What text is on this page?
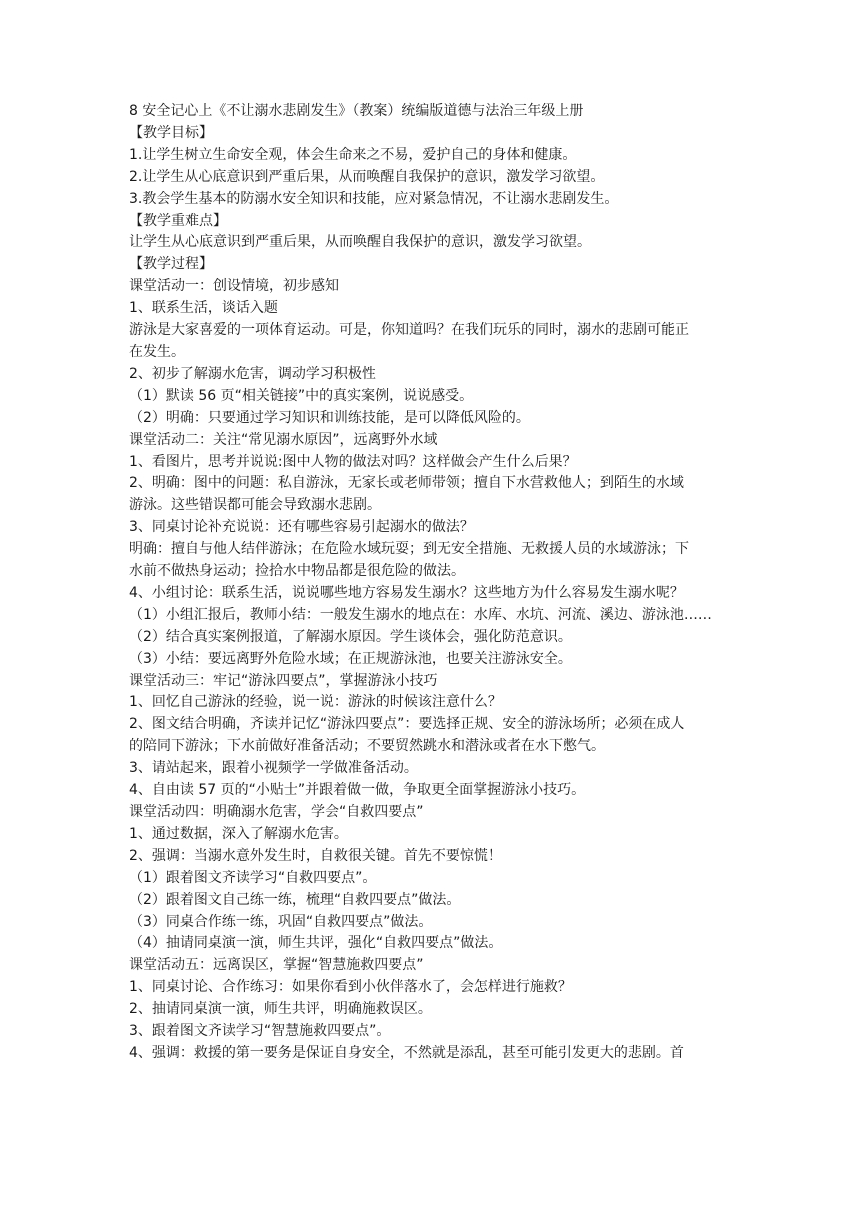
8 安全记心上《不让溺水悲剧发生》（教案）统编版道德与法治三年级上册
【教学目标】
1.让学生树立生命安全观，体会生命来之不易，爱护自己的身体和健康。
2.让学生从心底意识到严重后果，从而唤醒自我保护的意识，激发学习欲望。
3.教会学生基本的防溺水安全知识和技能，应对紧急情况，不让溺水悲剧发生。
【教学重难点】
让学生从心底意识到严重后果，从而唤醒自我保护的意识，激发学习欲望。
【教学过程】
课堂活动一：创设情境，初步感知
1、联系生活，谈话入题
游泳是大家喜爱的一项体育运动。可是，你知道吗？在我们玩乐的同时，溺水的悲剧可能正
在发生。
2、初步了解溺水危害，调动学习积极性
（1）默读 56 页“相关链接”中的真实案例，说说感受。
（2）明确：只要通过学习知识和训练技能，是可以降低风险的。
课堂活动二：关注“常见溺水原因”，远离野外水域
1、看图片，思考并说说:图中人物的做法对吗？这样做会产生什么后果？
2、明确：图中的问题：私自游泳，无家长或老师带领；擅自下水营救他人；到陌生的水域
游泳。这些错误都可能会导致溺水悲剧。
3、同桌讨论补充说说：还有哪些容易引起溺水的做法？
明确：擅自与他人结伴游泳；在危险水域玩耍；到无安全措施、无救援人员的水域游泳；下
水前不做热身运动；捡拾水中物品都是很危险的做法。
4、小组讨论：联系生活，说说哪些地方容易发生溺水？这些地方为什么容易发生溺水呢？
（1）小组汇报后，教师小结：一般发生溺水的地点在：水库、水坑、河流、溪边、游泳池……
（2）结合真实案例报道，了解溺水原因。学生谈体会，强化防范意识。
（3）小结：要远离野外危险水域；在正规游泳池，也要关注游泳安全。
课堂活动三：牢记“游泳四要点”，掌握游泳小技巧
1、回忆自己游泳的经验，说一说：游泳的时候该注意什么？
2、图文结合明确，齐读并记忆“游泳四要点”：要选择正规、安全的游泳场所；必须在成人
的陪同下游泳；下水前做好准备活动；不要贸然跳水和潜泳或者在水下憋气。
3、请站起来，跟着小视频学一学做准备活动。
4、自由读 57 页的“小贴士”并跟着做一做，争取更全面掌握游泳小技巧。
课堂活动四：明确溺水危害，学会“自救四要点”
1、通过数据，深入了解溺水危害。
2、强调：当溺水意外发生时，自救很关键。首先不要惊慌！
（1）跟着图文齐读学习“自救四要点”。
（2）跟着图文自己练一练，梳理“自救四要点”做法。
（3）同桌合作练一练，巩固“自救四要点”做法。
（4）抽请同桌演一演，师生共评，强化“自救四要点”做法。
课堂活动五：远离误区，掌握“智慧施救四要点”
1、同桌讨论、合作练习：如果你看到小伙伴落水了，会怎样进行施救？
2、抽请同桌演一演，师生共评，明确施救误区。
3、跟着图文齐读学习“智慧施救四要点”。
4、强调：救援的第一要务是保证自身安全，不然就是添乱，甚至可能引发更大的悲剧。首
